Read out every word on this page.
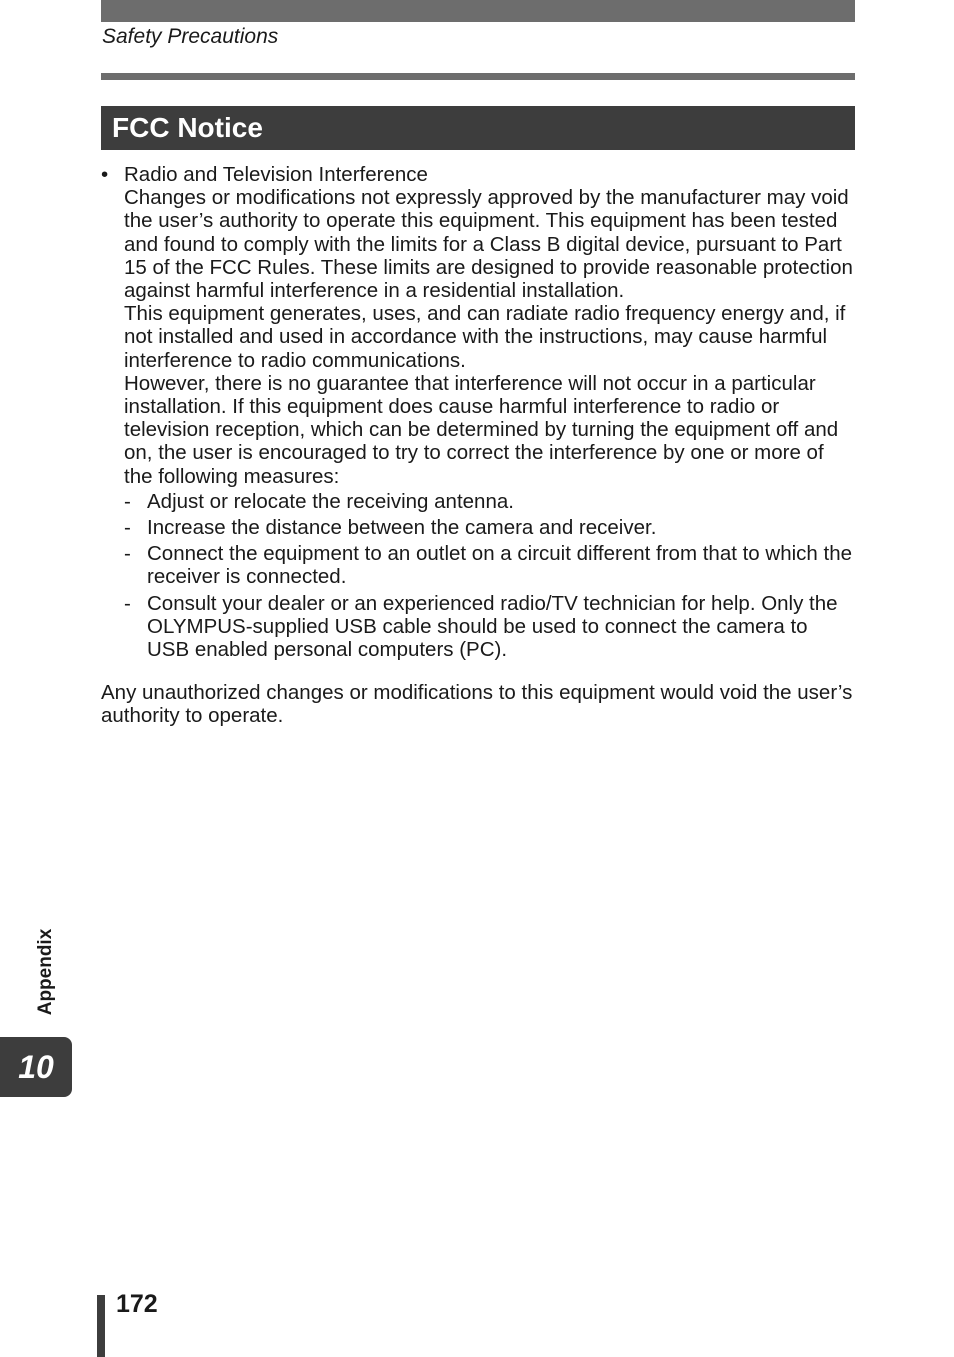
Safety Precautions
FCC Notice
• Radio and Television Interference
Changes or modifications not expressly approved by the manufacturer may void the user’s authority to operate this equipment. This equipment has been tested and found to comply with the limits for a Class B digital device, pursuant to Part 15 of the FCC Rules. These limits are designed to provide reasonable protection against harmful interference in a residential installation.
This equipment generates, uses, and can radiate radio frequency energy and, if not installed and used in accordance with the instructions, may cause harmful interference to radio communications.
However, there is no guarantee that interference will not occur in a particular installation. If this equipment does cause harmful interference to radio or television reception, which can be determined by turning the equipment off and on, the user is encouraged to try to correct the interference by one or more of the following measures:
- Adjust or relocate the receiving antenna.
- Increase the distance between the camera and receiver.
- Connect the equipment to an outlet on a circuit different from that to which the receiver is connected.
- Consult your dealer or an experienced radio/TV technician for help. Only the OLYMPUS-supplied USB cable should be used to connect the camera to USB enabled personal computers (PC).
Any unauthorized changes or modifications to this equipment would void the user’s authority to operate.
Appendix
10
172
